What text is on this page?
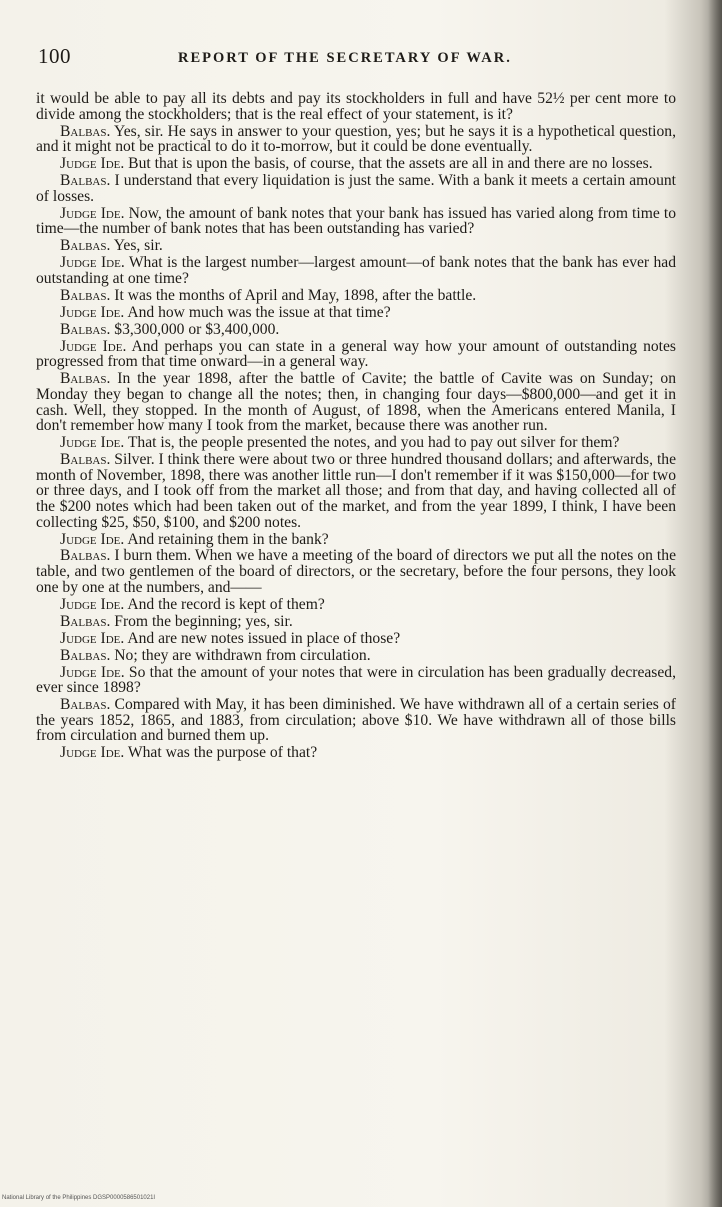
100	REPORT OF THE SECRETARY OF WAR.

it would be able to pay all its debts and pay its stockholders in full and have 52½ per cent more to divide among the stockholders; that is the real effect of your statement, is it?

Balbas. Yes, sir. He says in answer to your question, yes; but he says it is a hypothetical question, and it might not be practical to do it to-morrow, but it could be done eventually.

Judge Ide. But that is upon the basis, of course, that the assets are all in and there are no losses.

Balbas. I understand that every liquidation is just the same. With a bank it meets a certain amount of losses.

Judge Ide. Now, the amount of bank notes that your bank has issued has varied along from time to time—the number of bank notes that has been outstanding has varied?

Balbas. Yes, sir.

Judge Ide. What is the largest number—largest amount—of bank notes that the bank has ever had outstanding at one time?

Balbas. It was the months of April and May, 1898, after the battle.

Judge Ide. And how much was the issue at that time?

Balbas. $3,300,000 or $3,400,000.

Judge Ide. And perhaps you can state in a general way how your amount of outstanding notes progressed from that time onward—in a general way.

Balbas. In the year 1898, after the battle of Cavite; the battle of Cavite was on Sunday; on Monday they began to change all the notes; then, in changing four days—$800,000—and get it in cash. Well, they stopped. In the month of August, of 1898, when the Americans entered Manila, I don't remember how many I took from the market, because there was another run.

Judge Ide. That is, the people presented the notes, and you had to pay out silver for them?

Balbas. Silver. I think there were about two or three hundred thousand dollars; and afterwards, the month of November, 1898, there was another little run—I don't remember if it was $150,000—for two or three days, and I took off from the market all those; and from that day, and having collected all of the $200 notes which had been taken out of the market, and from the year 1899, I think, I have been collecting $25, $50, $100, and $200 notes.

Judge Ide. And retaining them in the bank?

Balbas. I burn them. When we have a meeting of the board of directors we put all the notes on the table, and two gentlemen of the board of directors, or the secretary, before the four persons, they look one by one at the numbers, and——

Judge Ide. And the record is kept of them?

Balbas. From the beginning; yes, sir.

Judge Ide. And are new notes issued in place of those?

Balbas. No; they are withdrawn from circulation.

Judge Ide. So that the amount of your notes that were in circulation has been gradually decreased, ever since 1898?

Balbas. Compared with May, it has been diminished. We have withdrawn all of a certain series of the years 1852, 1865, and 1883, from circulation; above $10. We have withdrawn all of those bills from circulation and burned them up.

Judge Ide. What was the purpose of that?

National Library of the Philippines DGSP0000586501021I
